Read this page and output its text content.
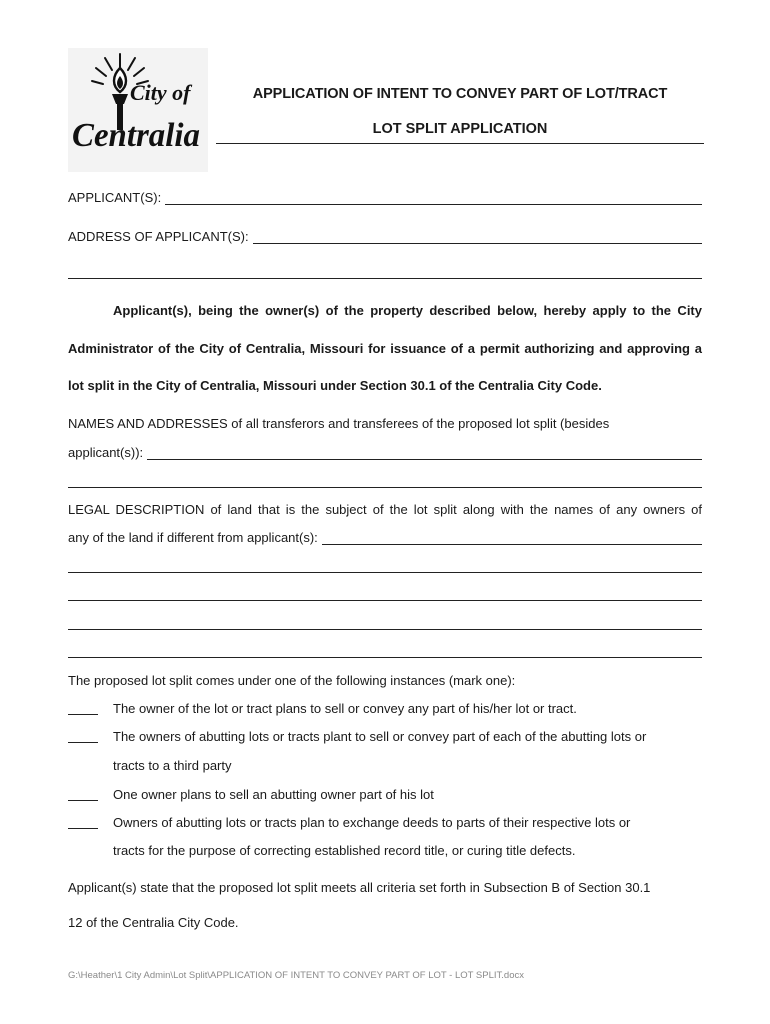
City of
Centralia
APPLICATION OF INTENT TO CONVEY PART OF LOT/TRACT
LOT SPLIT APPLICATION
APPLICANT(S):
ADDRESS OF APPLICANT(S):
Applicant(s), being the owner(s) of the property described below, hereby apply to the City
Administrator of the City of Centralia, Missouri for issuance of a permit authorizing and approving a
lot split in the City of Centralia, Missouri under Section 30.1 of the Centralia City Code.
NAMES AND ADDRESSES of all transferors and transferees of the proposed lot split (besides
applicant(s)):
LEGAL DESCRIPTION of land that is the subject of the lot split along with the names of any owners of
any of the land if different from applicant(s):
The proposed lot split comes under one of the following instances (mark one):
The owner of the lot or tract plans to sell or convey any part of his/her lot or tract.
The owners of abutting lots or tracts plant to sell or convey part of each of the abutting lots or
tracts to a third party
One owner plans to sell an abutting owner part of his lot
Owners of abutting lots or tracts plan to exchange deeds to parts of their respective lots or
tracts for the purpose of correcting established record title, or curing title defects.
Applicant(s) state that the proposed lot split meets all criteria set forth in Subsection B of Section 30.1
12 of the Centralia City Code.
G:\Heather\1 City Admin\Lot Split\APPLICATION OF INTENT TO CONVEY PART OF LOT - LOT SPLIT.docx
